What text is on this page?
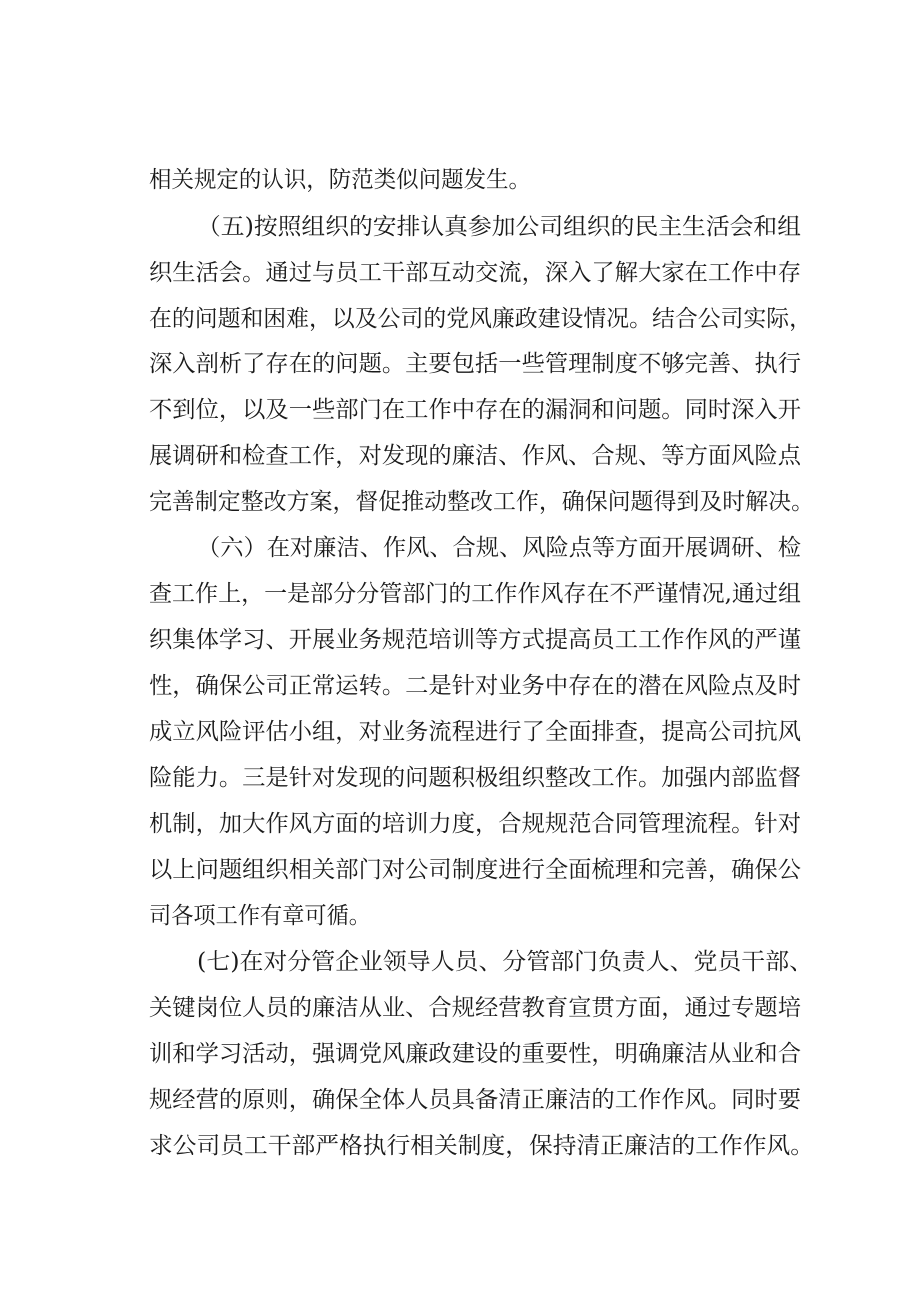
相关规定的认识，防范类似问题发生。

（五)按照组织的安排认真参加公司组织的民主生活会和组

织生活会。通过与员工干部互动交流，深入了解大家在工作中存

在的问题和困难，以及公司的党风廉政建设情况。结合公司实际，

深入剖析了存在的问题。主要包括一些管理制度不够完善、执行

不到位，以及一些部门在工作中存在的漏洞和问题。同时深入开

展调研和检查工作，对发现的廉洁、作风、合规、等方面风险点

完善制定整改方案，督促推动整改工作，确保问题得到及时解决。

（六）在对廉洁、作风、合规、风险点等方面开展调研、检

查工作上，一是部分分管部门的工作作风存在不严谨情况,通过组

织集体学习、开展业务规范培训等方式提高员工工作作风的严谨

性，确保公司正常运转。二是针对业务中存在的潜在风险点及时

成立风险评估小组，对业务流程进行了全面排查，提高公司抗风

险能力。三是针对发现的问题积极组织整改工作。加强内部监督

机制，加大作风方面的培训力度，合规规范合同管理流程。针对

以上问题组织相关部门对公司制度进行全面梳理和完善，确保公

司各项工作有章可循。

(七)在对分管企业领导人员、分管部门负责人、党员干部、

关键岗位人员的廉洁从业、合规经营教育宣贯方面，通过专题培

训和学习活动，强调党风廉政建设的重要性，明确廉洁从业和合

规经营的原则，确保全体人员具备清正廉洁的工作作风。同时要

求公司员工干部严格执行相关制度，保持清正廉洁的工作作风。
